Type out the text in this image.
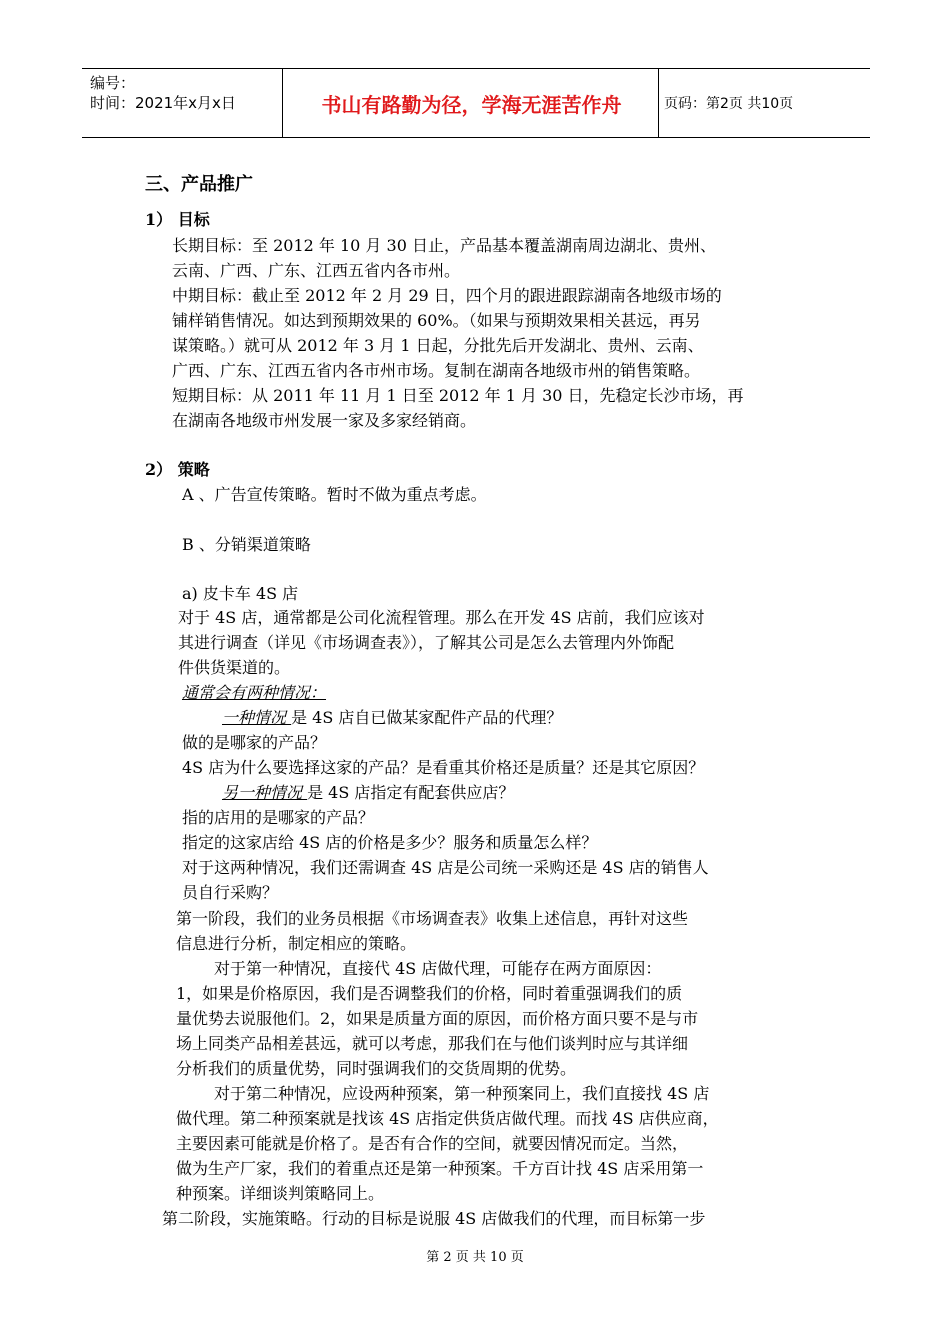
编号：
时间：2021年x月x日	书山有路勤为径，学海无涯苦作舟	页码：第2页 共10页
三、产品推广
1） 目标
长期目标：至 2012 年 10 月 30 日止，产品基本覆盖湖南周边湖北、贵州、
云南、广西、广东、江西五省内各市州。
中期目标：截止至 2012 年 2 月 29 日，四个月的跟进跟踪湖南各地级市场的
铺样销售情况。如达到预期效果的 60%。（如果与预期效果相关甚远，再另
谋策略。）就可从 2012 年 3 月 1 日起，分批先后开发湖北、贵州、云南、
广西、广东、江西五省内各市州市场。复制在湖南各地级市州的销售策略。
短期目标：从 2011 年 11 月 1 日至 2012 年 1 月 30 日，先稳定长沙市场，再
在湖南各地级市州发展一家及多家经销商。
2） 策略
A 、广告宣传策略。暂时不做为重点考虑。
B 、分销渠道策略
a) 皮卡车 4S 店
对于 4S 店，通常都是公司化流程管理。那么在开发 4S 店前，我们应该对
其进行调查（详见《市场调查表》），了解其公司是怎么去管理内外饰配
件供货渠道的。
通常会有两种情况：
一种情况 是 4S 店自已做某家配件产品的代理？
做的是哪家的产品？
4S 店为什么要选择这家的产品？是看重其价格还是质量？还是其它原因？
另一种情况 是 4S 店指定有配套供应店？
指的店用的是哪家的产品？
指定的这家店给 4S 店的价格是多少？服务和质量怎么样？
对于这两种情况，我们还需调查 4S 店是公司统一采购还是 4S 店的销售人
员自行采购？
第一阶段，我们的业务员根据《市场调查表》收集上述信息，再针对这些
信息进行分析，制定相应的策略。
对于第一种情况，直接代 4S 店做代理，可能存在两方面原因：
1，如果是价格原因，我们是否调整我们的价格，同时着重强调我们的质
量优势去说服他们。2，如果是质量方面的原因，而价格方面只要不是与市
场上同类产品相差甚远，就可以考虑，那我们在与他们谈判时应与其详细
分析我们的质量优势，同时强调我们的交货周期的优势。
对于第二种情况，应设两种预案，第一种预案同上，我们直接找 4S 店
做代理。第二种预案就是找该 4S 店指定供货店做代理。而找 4S 店供应商，
主要因素可能就是价格了。是否有合作的空间，就要因情况而定。当然，
做为生产厂家，我们的着重点还是第一种预案。千方百计找 4S 店采用第一
种预案。详细谈判策略同上。
第二阶段，实施策略。行动的目标是说服 4S 店做我们的代理，而目标第一步
第 2 页 共 10 页
